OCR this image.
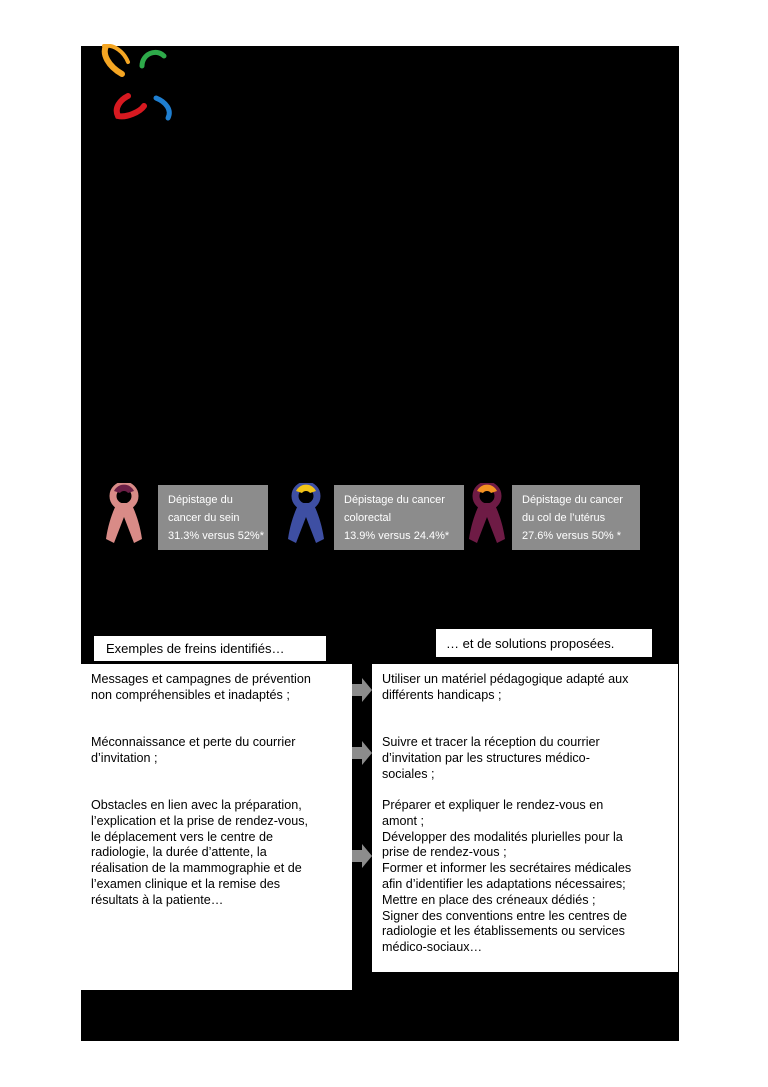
Dépistage du
cancer du sein
31.3% versus 52%*
Dépistage du cancer
colorectal
13.9% versus 24.4%*
Dépistage du cancer
du col de l’utérus
27.6% versus 50% *
Exemples de freins identifiés…	… et de solutions proposées.
Messages et campagnes de prévention
non compréhensibles et inadaptés ;
Méconnaissance et perte du courrier
d’invitation ;
Obstacles en lien avec la préparation,
l’explication et la prise de rendez-vous,
le déplacement vers le centre de
radiologie, la durée d’attente, la
réalisation de la mammographie et de
l’examen clinique et la remise des
résultats à la patiente…
Utiliser un matériel pédagogique adapté aux
différents handicaps ;
Suivre et tracer la réception du courrier
d’invitation par les structures médico-
sociales ;
Préparer et expliquer le rendez-vous en
amont ;
Développer des modalités plurielles pour la
prise de rendez-vous ;
Former et informer les secrétaires médicales
afin d’identifier les adaptations nécessaires;
Mettre en place des créneaux dédiés ;
Signer des conventions entre les centres de
radiologie et les établissements ou services
médico-sociaux…
